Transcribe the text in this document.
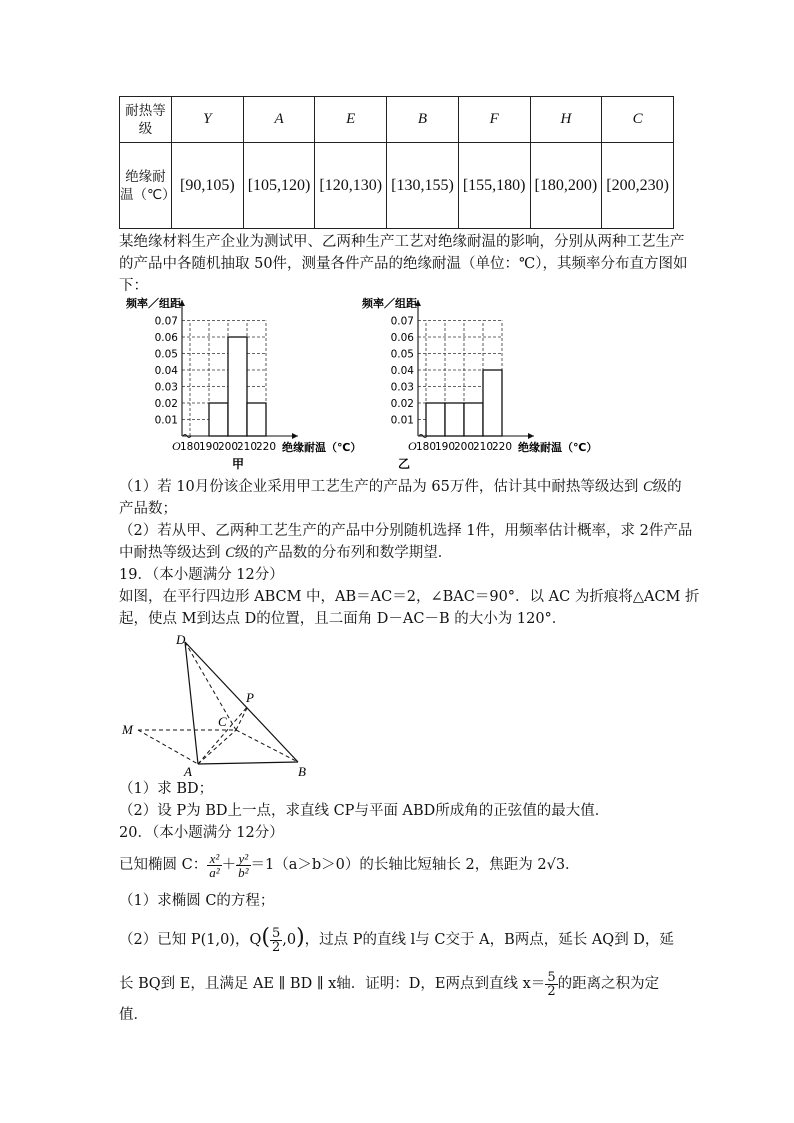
耐热等级	Y	A	E	B	F	H	C
绝缘耐温（℃）	[90,105)	[105,120)	[120,130)	[130,155)	[155,180)	[180,200)	[200,230)
某绝缘材料生产企业为测试甲、乙两种生产工艺对绝缘耐温的影响，分别从两种工艺生产
的产品中各随机抽取 50件，测量各件产品的绝缘耐温（单位：℃），其频率分布直方图如
下：
0.07
0.06
0.05
0.04
0.03
0.02
0.01
180
190
200
210
220
O
频率／组距
绝缘耐温（℃）
甲
0.07
0.06
0.05
0.04
0.03
0.02
0.01
180
190
200
210
220
O
频率／组距
绝缘耐温（℃）
乙
（1）若 10月份该企业采用甲工艺生产的产品为 65万件，估计其中耐热等级达到 C级的
产品数；
（2）若从甲、乙两种工艺生产的产品中分别随机选择 1件，用频率估计概率，求 2件产品
中耐热等级达到 C级的产品数的分布列和数学期望．
19．（本小题满分 12分）
如图，在平行四边形 ABCM 中，AB＝AC＝2，∠BAC＝90°．以 AC 为折痕将△ACM 折
起，使点 M到达点 D的位置，且二面角 D－AC－B 的大小为 120°．
D
P
C
M
A	B
（1）求 BD；
（2）设 P为 BD上一点，求直线 CP与平面 ABD所成角的正弦值的最大值．
20．（本小题满分 12分）
已知椭圆 C： $\frac{\text{x²}}{\text{a²}} + \frac{\text{y²}}{\text{b²}} =1(a>b>0)$的长轴比短轴长 2，焦距为 2√3．
（1）求椭圆 C的方程；
（2）已知 P(1,0)，$Q( \frac{5}{2} ,0)$，过点 P的直线 l与 C交于 A，B两点，延长 AQ到 D，延
长 BQ到 E，且满足 AE ∥ BD ∥ x轴．证明：D，E两点到直线 $x= \frac{5}{2}$ 的距离之积为定
值．
